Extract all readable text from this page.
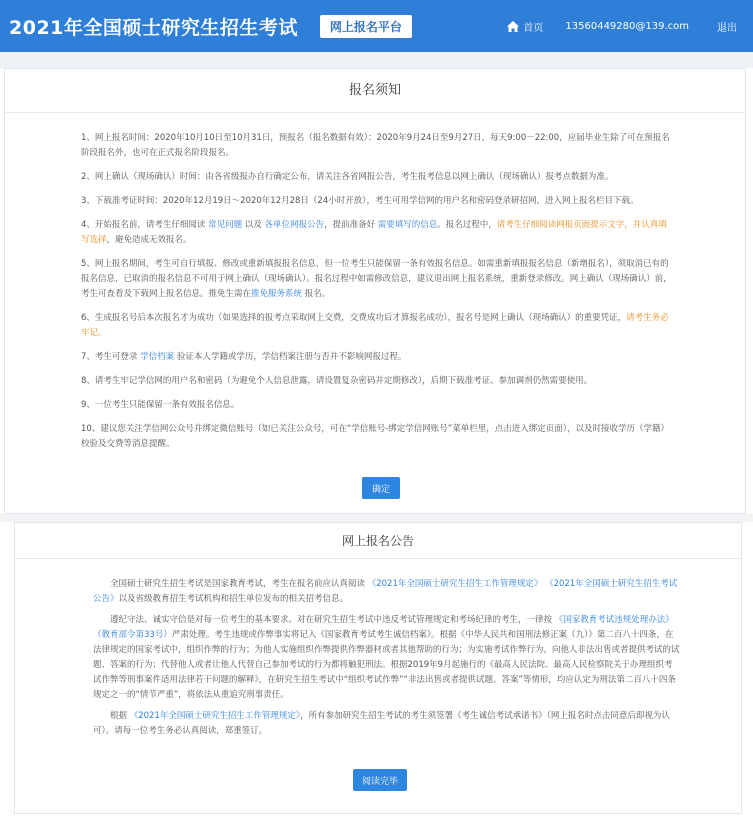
2021年全国硕士研究生招生考试	网上报名平台	首页 13560449280@139.com	退出
报名须知
1、网上报名时间：2020年10月10日至10月31日，预报名（报名数据有效）：2020年9月24日至9月27日，每天9:00－22:00，应届毕业生除了可在预报名阶段报名外，也可在正式报名阶段报名。
2、网上确认（现场确认）时间：由各省级报办自行确定公布，请关注各省网报公告，考生报考信息以网上确认（现场确认）报考点数据为准。
3、下载准考证时间：2020年12月19日～2020年12月28日（24小时开放），考生可用学信网的用户名和密码登录研招网，进入网上报名栏目下载。
4、开始报名前，请考生仔细阅读 常见问题 以及 各单位网报公告，提前准备好 需要填写的信息。报名过程中，请考生仔细阅读网报页面提示文字，并认真填写选择，避免造成无效报名。
5、网上报名期间，考生可自行填报、修改或重新填报报名信息，但一位考生只能保留一条有效报名信息。如需重新填报报名信息（新增报名），须取消已有的报名信息，已取消的报名信息不可用于网上确认（现场确认）。报名过程中如需修改信息，建议退出网上报名系统，重新登录修改。网上确认（现场确认）前，考生可查看及下载网上报名信息。推免生需在推免服务系统 报名。
6、生成报名号后本次报名才为成功（如果选择的报考点采取网上交费，交费成功后才算报名成功），报名号是网上确认（现场确认）的重要凭证，请考生务必牢记。
7、考生可登录 学信档案 验证本人学籍或学历，学信档案注册与否并不影响网报过程。
8、请考生牢记学信网的用户名和密码（为避免个人信息泄露，请设置复杂密码并定期修改），后期下载准考证、参加调剂仍然需要使用。
9、一位考生只能保留一条有效报名信息。
10、建议您关注学信网公众号并绑定微信账号（如已关注公众号，可在“学信账号-绑定学信网账号”菜单栏里，点击进入绑定页面），以及时接收学历（学籍）校验及交费等消息提醒。
确定
网上报名公告

全国硕士研究生招生考试是国家教育考试，考生在报名前应认真阅读 《2021年全国硕士研究生招生工作管理规定》 《2021年全国硕士研究生招生考试公告》以及省级教育招生考试机构和招生单位发布的相关招考信息。

遵纪守法、诚实守信是对每一位考生的基本要求。对在研究生招生考试中违反考试管理规定和考场纪律的考生，一律按 《国家教育考试违规处理办法》（教育部令第33号）严肃处理。考生违规或作弊事实将记入《国家教育考试考生诚信档案》。根据《中华人民共和国刑法修正案（九）》第二百八十四条，在法律规定的国家考试中，组织作弊的行为；为他人实施组织作弊提供作弊器材或者其他帮助的行为；为实施考试作弊行为，向他人非法出售或者提供考试的试题、答案的行为；代替他人或者让他人代替自己参加考试的行为都将触犯刑法。根据2019年9月起施行的《最高人民法院、最高人民检察院关于办理组织考试作弊等刑事案件适用法律若干问题的解释》，在研究生招生考试中“组织考试作弊”“非法出售或者提供试题、答案”等情形，均应认定为刑法第二百八十四条规定之一的“情节严重”，将依法从重追究刑事责任。

根据 《2021年全国硕士研究生招生工作管理规定》，所有参加研究生招生考试的考生须签署《考生诚信考试承诺书》（网上报名时点击同意后即视为认可）。请每一位考生务必认真阅读，郑重签订。

阅读完毕
